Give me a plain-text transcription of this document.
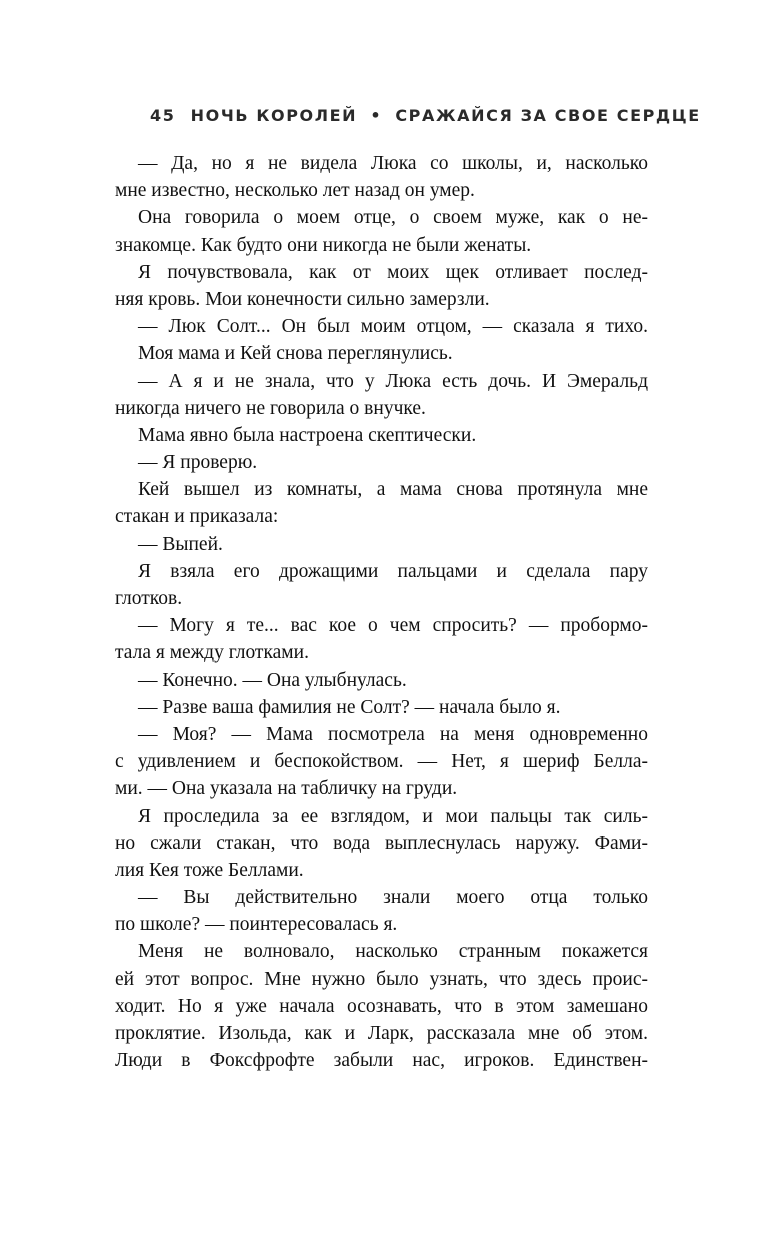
45 НОЧЬ КОРОЛЕЙ • СРАЖАЙСЯ ЗА СВОЕ СЕРДЦЕ
— Да, но я не видела Люка со школы, и, насколько
мне известно, несколько лет назад он умер.
Она говорила о моем отце, о своем муже, как о не-
знакомце. Как будто они никогда не были женаты.
Я почувствовала, как от моих щек отливает послед-
няя кровь. Мои конечности сильно замерзли.
— Люк Солт... Он был моим отцом, — сказала я тихо.
Моя мама и Кей снова переглянулись.
— А я и не знала, что у Люка есть дочь. И Эмеральд
никогда ничего не говорила о внучке.
Мама явно была настроена скептически.
— Я проверю.
Кей вышел из комнаты, а мама снова протянула мне
стакан и приказала:
— Выпей.
Я взяла его дрожащими пальцами и сделала пару
глотков.
— Могу я те... вас кое о чем спросить? — пробормо-
тала я между глотками.
— Конечно. — Она улыбнулась.
— Разве ваша фамилия не Солт? — начала было я.
— Моя? — Мама посмотрела на меня одновременно
с удивлением и беспокойством. — Нет, я шериф Белла-
ми. — Она указала на табличку на груди.
Я проследила за ее взглядом, и мои пальцы так силь-
но сжали стакан, что вода выплеснулась наружу. Фами-
лия Кея тоже Беллами.
— Вы действительно знали моего отца только
по школе? — поинтересовалась я.
Меня не волновало, насколько странным покажется
ей этот вопрос. Мне нужно было узнать, что здесь проис-
ходит. Но я уже начала осознавать, что в этом замешано
проклятие. Изольда, как и Ларк, рассказала мне об этом.
Люди в Фоксфрофте забыли нас, игроков. Единствен-
